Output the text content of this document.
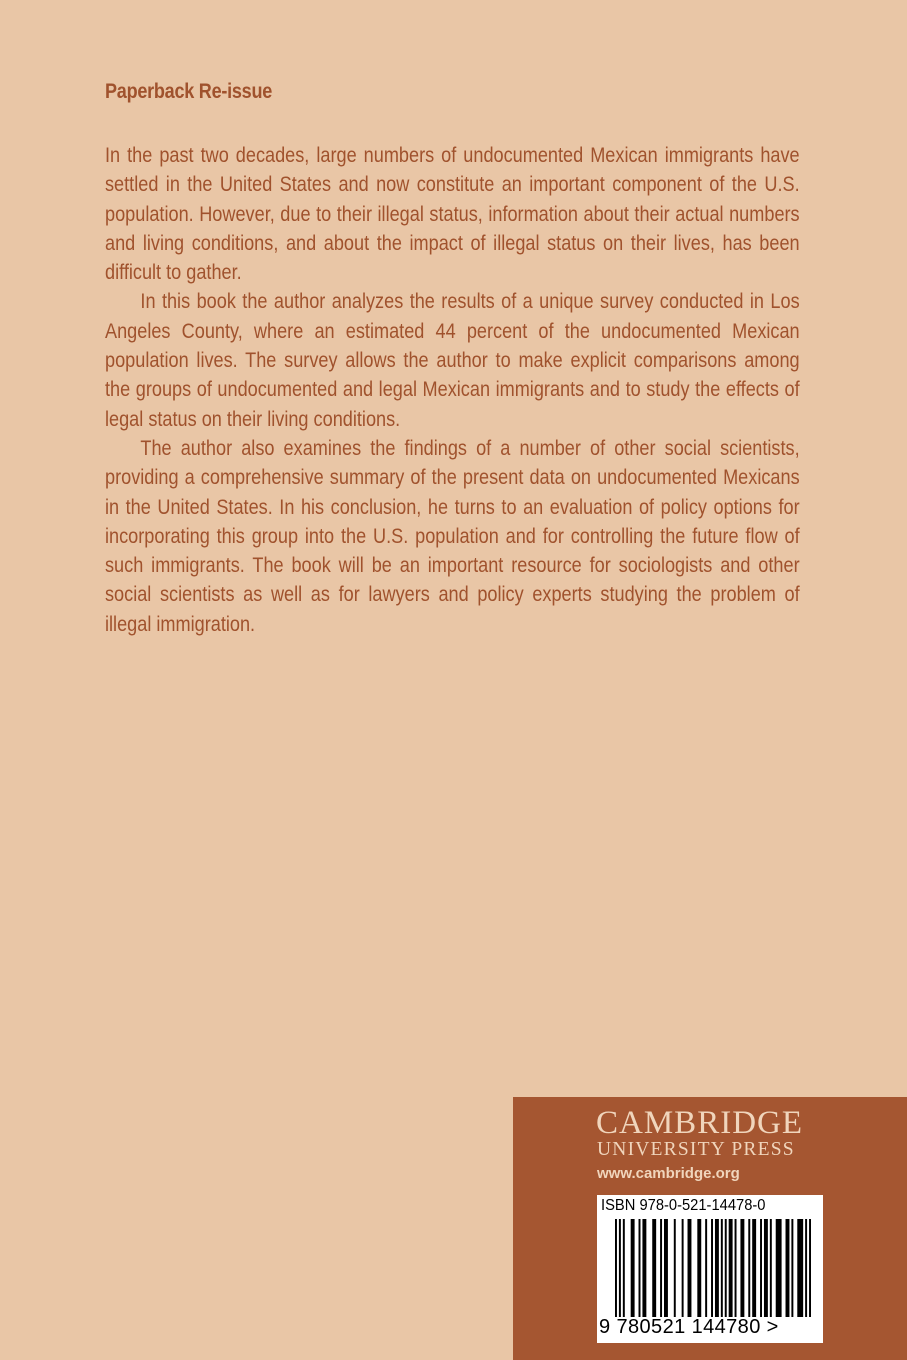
Paperback Re-issue

In the past two decades, large numbers of undocumented Mexican immigrants have settled in the United States and now constitute an important component of the U.S. population. However, due to their illegal status, information about their actual numbers and living conditions, and about the impact of illegal status on their lives, has been difficult to gather.

In this book the author analyzes the results of a unique survey conducted in Los Angeles County, where an estimated 44 percent of the undocumented Mexican population lives. The survey allows the author to make explicit comparisons among the groups of undocumented and legal Mexican immigrants and to study the effects of legal status on their living conditions.

The author also examines the findings of a number of other social scientists, providing a comprehensive summary of the present data on undocumented Mexicans in the United States. In his conclusion, he turns to an evaluation of policy options for incorporating this group into the U.S. population and for controlling the future flow of such immigrants. The book will be an important resource for sociologists and other social scientists as well as for lawyers and policy experts studying the problem of illegal immigration.

CAMBRIDGE

UNIVERSITY PRESS

www.cambridge.org

ISBN 978-0-521-14478-0

9 780521 144780 >
